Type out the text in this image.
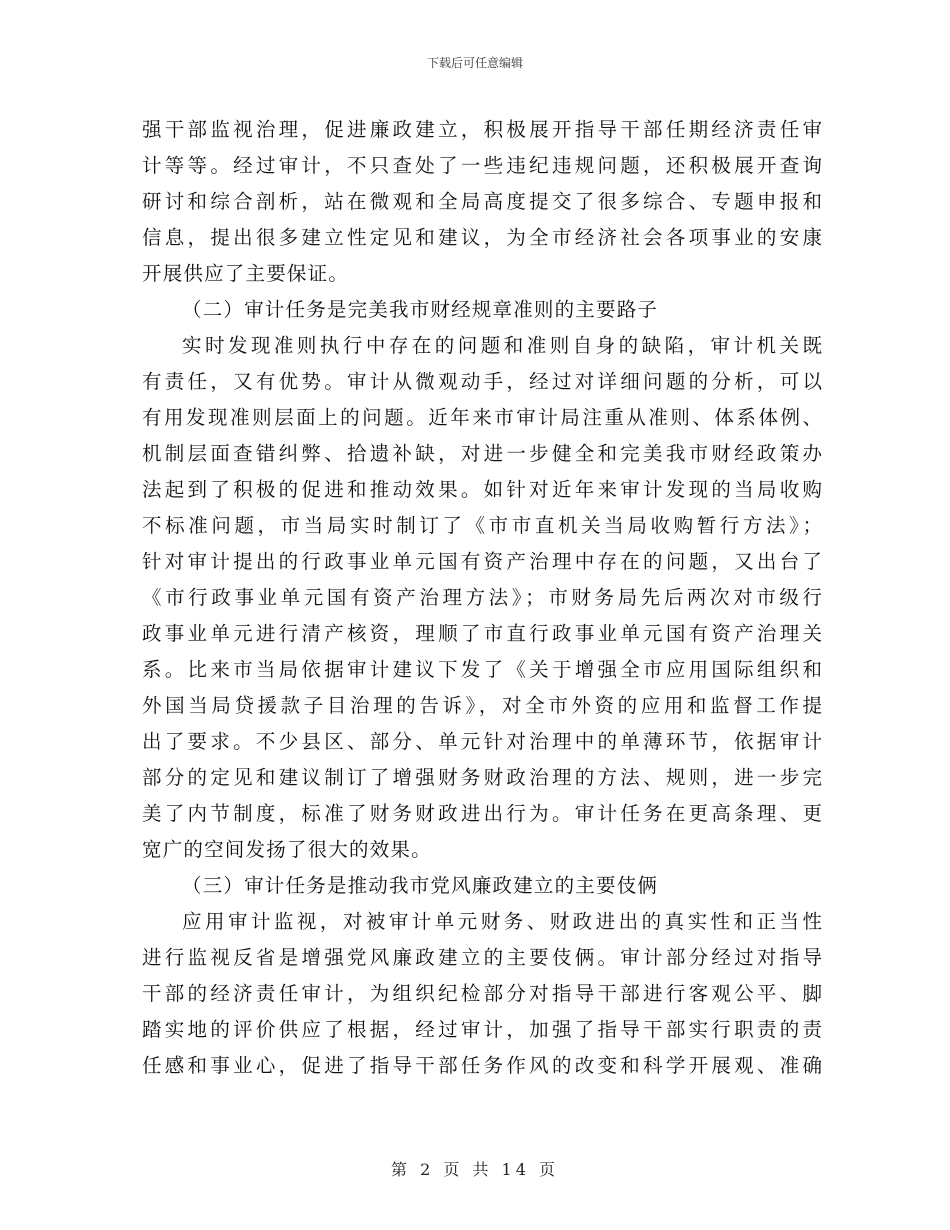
下载后可任意编辑
强干部监视治理，促进廉政建立，积极展开指导干部任期经济责任审
计等等。经过审计，不只查处了一些违纪违规问题，还积极展开查询
研讨和综合剖析，站在微观和全局高度提交了很多综合、专题申报和
信息，提出很多建立性定见和建议，为全市经济社会各项事业的安康
开展供应了主要保证。
（二）审计任务是完美我市财经规章准则的主要路子
实时发现准则执行中存在的问题和准则自身的缺陷，审计机关既
有责任，又有优势。审计从微观动手，经过对详细问题的分析，可以
有用发现准则层面上的问题。近年来市审计局注重从准则、体系体例、
机制层面查错纠弊、拾遗补缺，对进一步健全和完美我市财经政策办
法起到了积极的促进和推动效果。如针对近年来审计发现的当局收购
不标准问题，市当局实时制订了《市市直机关当局收购暂行方法》；
针对审计提出的行政事业单元国有资产治理中存在的问题，又出台了
《市行政事业单元国有资产治理方法》；市财务局先后两次对市级行
政事业单元进行清产核资，理顺了市直行政事业单元国有资产治理关
系。比来市当局依据审计建议下发了《关于增强全市应用国际组织和
外国当局贷援款子目治理的告诉》，对全市外资的应用和监督工作提
出了要求。不少县区、部分、单元针对治理中的单薄环节，依据审计
部分的定见和建议制订了增强财务财政治理的方法、规则，进一步完
美了内节制度，标准了财务财政进出行为。审计任务在更高条理、更
宽广的空间发扬了很大的效果。
（三）审计任务是推动我市党风廉政建立的主要伎俩
应用审计监视，对被审计单元财务、财政进出的真实性和正当性
进行监视反省是增强党风廉政建立的主要伎俩。审计部分经过对指导
干部的经济责任审计，为组织纪检部分对指导干部进行客观公平、脚
踏实地的评价供应了根据，经过审计，加强了指导干部实行职责的责
任感和事业心，促进了指导干部任务作风的改变和科学开展观、准确
第 2 页 共 14 页
